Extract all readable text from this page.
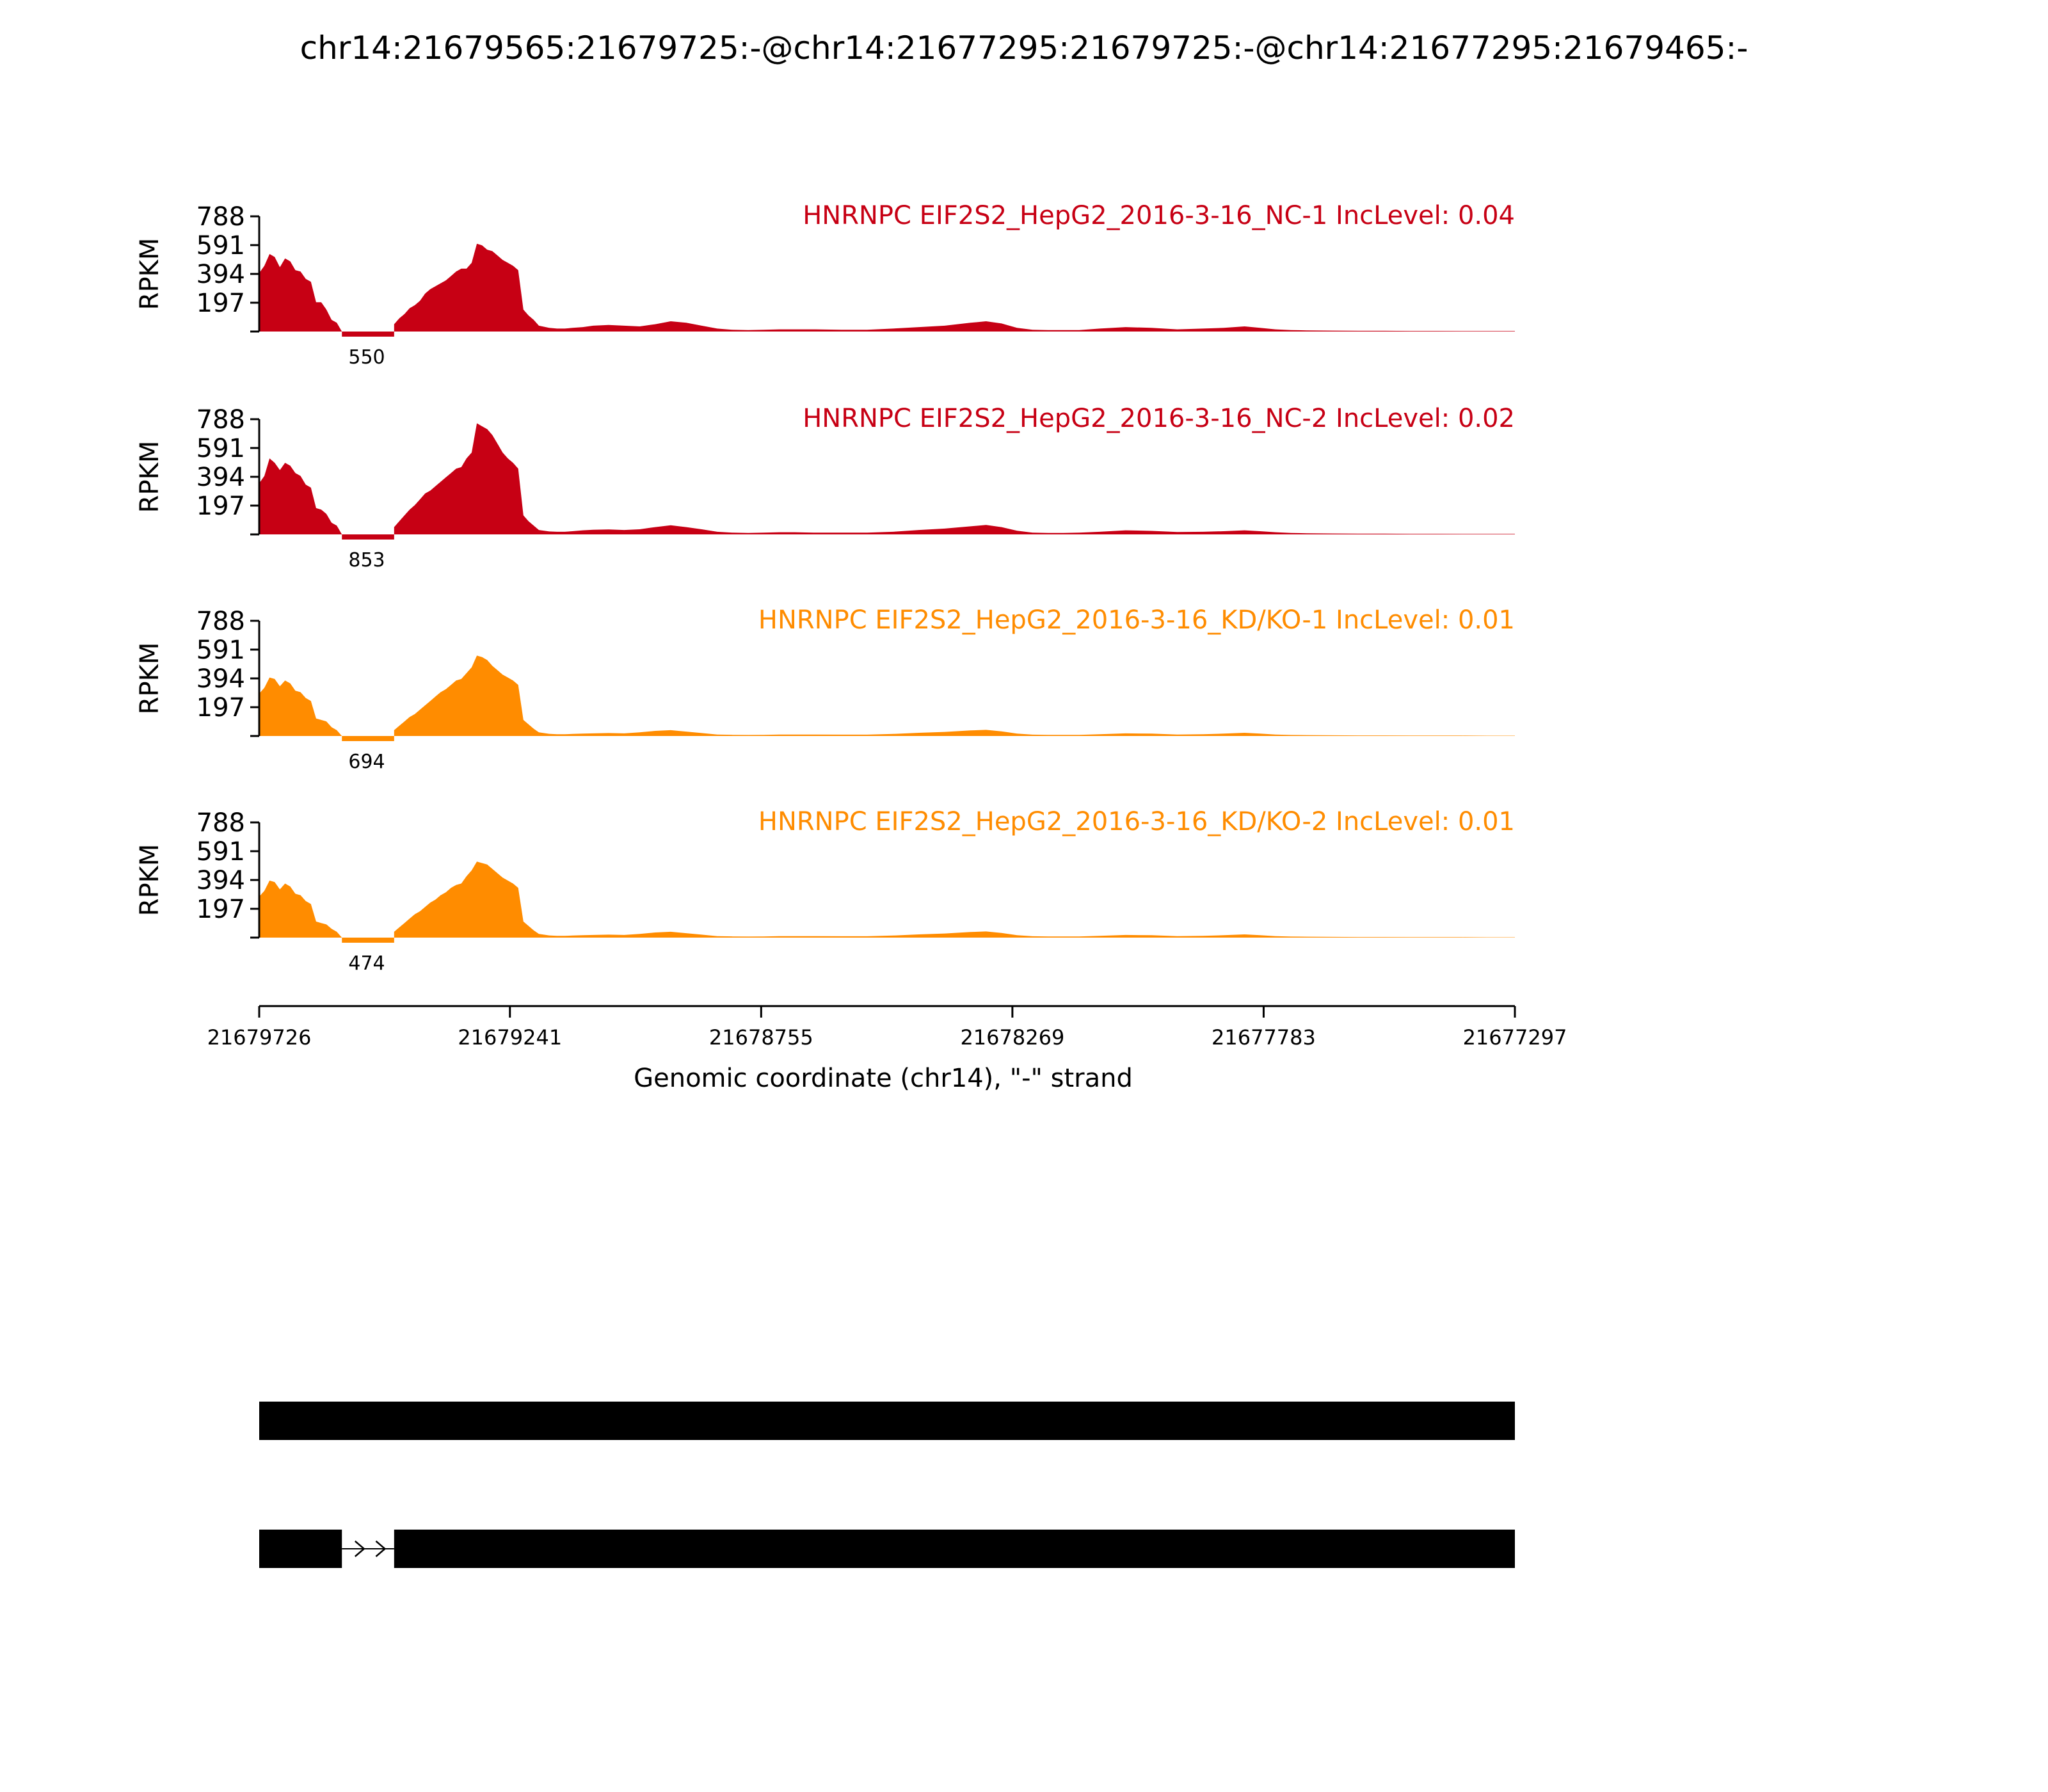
chr14:21679565:21679725:-@chr14:21677295:21679725:-@chr14:21677295:21679465:-
197
394
591
788
RPKM
HNRNPC EIF2S2_HepG2_2016-3-16_NC-1 IncLevel: 0.04
550
197
394
591
788
RPKM
HNRNPC EIF2S2_HepG2_2016-3-16_NC-2 IncLevel: 0.02
853
197
394
591
788
RPKM
HNRNPC EIF2S2_HepG2_2016-3-16_KD/KO-1 IncLevel: 0.01
694
197
394
591
788
RPKM
HNRNPC EIF2S2_HepG2_2016-3-16_KD/KO-2 IncLevel: 0.01
474
21679726	21679241	21678755	21678269	21677783	21677297
Genomic coordinate (chr14), "-" strand
